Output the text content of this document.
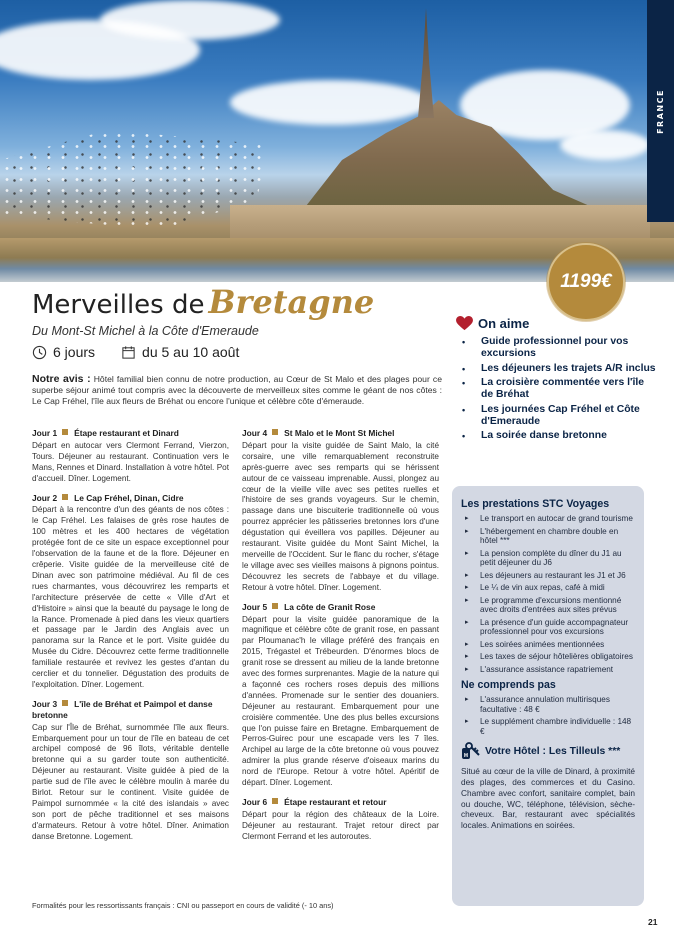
FRANCE
1199€
Merveilles de Bretagne
Du Mont-St Michel à la Côte d'Emeraude
6 jours	du 5 au 10 août
Notre avis : Hôtel familial bien connu de notre production, au Cœur de St Malo et des plages pour ce superbe séjour animé tout compris avec la découverte de merveilleux sites comme le géant de nos côtes : Le Cap Fréhel, l'île aux fleurs de Bréhat ou encore l'unique et célèbre côte d'émeraude.
Jour 1 Étape restaurant et Dinard
Départ en autocar vers Clermont Ferrand, Vierzon, Tours. Déjeuner au restaurant. Continuation vers le Mans, Rennes et Dinard. Installation à votre hôtel. Pot d'accueil. Dîner. Logement.
Jour 2 Le Cap Fréhel, Dinan, Cidre
Départ à la rencontre d'un des géants de nos côtes : le Cap Fréhel. Les falaises de grès rose hautes de 100 mètres et les 400 hectares de végétation protégée font de ce site un espace exceptionnel pour l'observation de la faune et de la flore. Déjeuner en crêperie. Visite guidée de la merveilleuse cité de Dinan avec son patrimoine médiéval. Au fil de ces rues charmantes, vous découvrirez les remparts et l'architecture préservée de cette « Ville d'Art et d'Histoire » ainsi que la beauté du paysage le long de la Rance. Promenade à pied dans les vieux quartiers et passage par le Jardin des Anglais avec un panorama sur la Rance et le port. Visite guidée du Musée du Cidre. Découvrez cette ferme traditionnelle familiale restaurée et revivez les gestes d'antan du cerclier et du tonnelier. Dégustation des produits de l'exploitation. Dîner. Logement.
Jour 3 L'île de Bréhat et Paimpol et danse bretonne
Cap sur l'Île de Bréhat, surnommée l'île aux fleurs. Embarquement pour un tour de l'île en bateau de cet archipel composé de 96 îlots, véritable dentelle bretonne qui a su garder toute son authenticité. Déjeuner au restaurant. Visite guidée à pied de la partie sud de l'île avec le célèbre moulin à marée du Birlot. Retour sur le continent. Visite guidée de Paimpol surnommée « la cité des islandais » avec son port de pêche traditionnel et ses maisons d'armateurs. Retour à votre hôtel. Dîner. Animation danse Bretonne. Logement.
Jour 4 St Malo et le Mont St Michel
Départ pour la visite guidée de Saint Malo, la cité corsaire, une ville remarquablement reconstruite après-guerre avec ses remparts qui se hérissent autour de ce vaisseau imprenable. Aussi, plongez au cœur de la vieille ville avec ses petites ruelles et l'histoire de ses grands voyageurs. Sur le chemin, passage dans une biscuiterie traditionnelle où vous pourrez apprécier les pâtisseries bretonnes lors d'une dégustation qui éveillera vos papilles. Déjeuner au restaurant. Visite guidée du Mont Saint Michel, la merveille de l'Occident. Sur le flanc du rocher, s'étage le village avec ses vieilles maisons à pignons pointus. Découvrez les secrets de l'abbaye et du village. Retour à votre hôtel. Dîner. Logement.
Jour 5 La côte de Granit Rose
Départ pour la visite guidée panoramique de la magnifique et célèbre côte de granit rose, en passant par Ploumanac'h le village préféré des français en 2015, Trégastel et Trébeurden. D'énormes blocs de granit rose se dressent au milieu de la lande bretonne avec des formes surprenantes. Magie de la nature qui a façonné ces rochers roses depuis des millions d'années. Promenade sur le sentier des douaniers. Déjeuner au restaurant. Embarquement pour une croisière commentée. Une des plus belles excursions que l'on puisse faire en Bretagne. Embarquement de Perros-Guirec pour une escapade vers les 7 îles. Archipel au large de la côte bretonne où vous pouvez admirer la plus grande réserve d'oiseaux marins du nord de l'Europe. Retour à votre hôtel. Apéritif de départ. Dîner. Logement.
Jour 6 Étape restaurant et retour
Départ pour la région des châteaux de la Loire. Déjeuner au restaurant. Trajet retour direct par Clermont Ferrand et les autoroutes.
Formalités pour les ressortissants français : CNI ou passeport en cours de validité (- 10 ans)
On aime
• Guide professionnel pour vos excursions
• Les déjeuners les trajets A/R inclus
• La croisière commentée vers l'île de Bréhat
• Les journées Cap Fréhel et Côte d'Emeraude
• La soirée danse bretonne
Les prestations STC Voyages
▸ Le transport en autocar de grand tourisme
▸ L'hébergement en chambre double en hôtel ***
▸ La pension complète du dîner du J1 au petit déjeuner du J6
▸ Les déjeuners au restaurant les J1 et J6
▸ Le ¼ de vin aux repas, café à midi
▸ Le programme d'excursions mentionné avec droits d'entrées aux sites prévus
▸ La présence d'un guide accompagnateur professionnel pour vos excursions
▸ Les soirées animées mentionnées
▸ Les taxes de séjour hôtelières obligatoires
▸ L'assurance assistance rapatriement
Ne comprends pas
▸ L'assurance annulation multirisques facultative : 48 €
▸ Le supplément chambre individuelle : 148 €
H Votre Hôtel : Les Tilleuls ***
Situé au cœur de la ville de Dinard, à proximité des plages, des commerces et du Casino. Chambre avec confort, sanitaire complet, bain ou douche, WC, téléphone, télévision, sèche-cheveux. Bar, restaurant avec spécialités locales. Animations en soirées.
21
